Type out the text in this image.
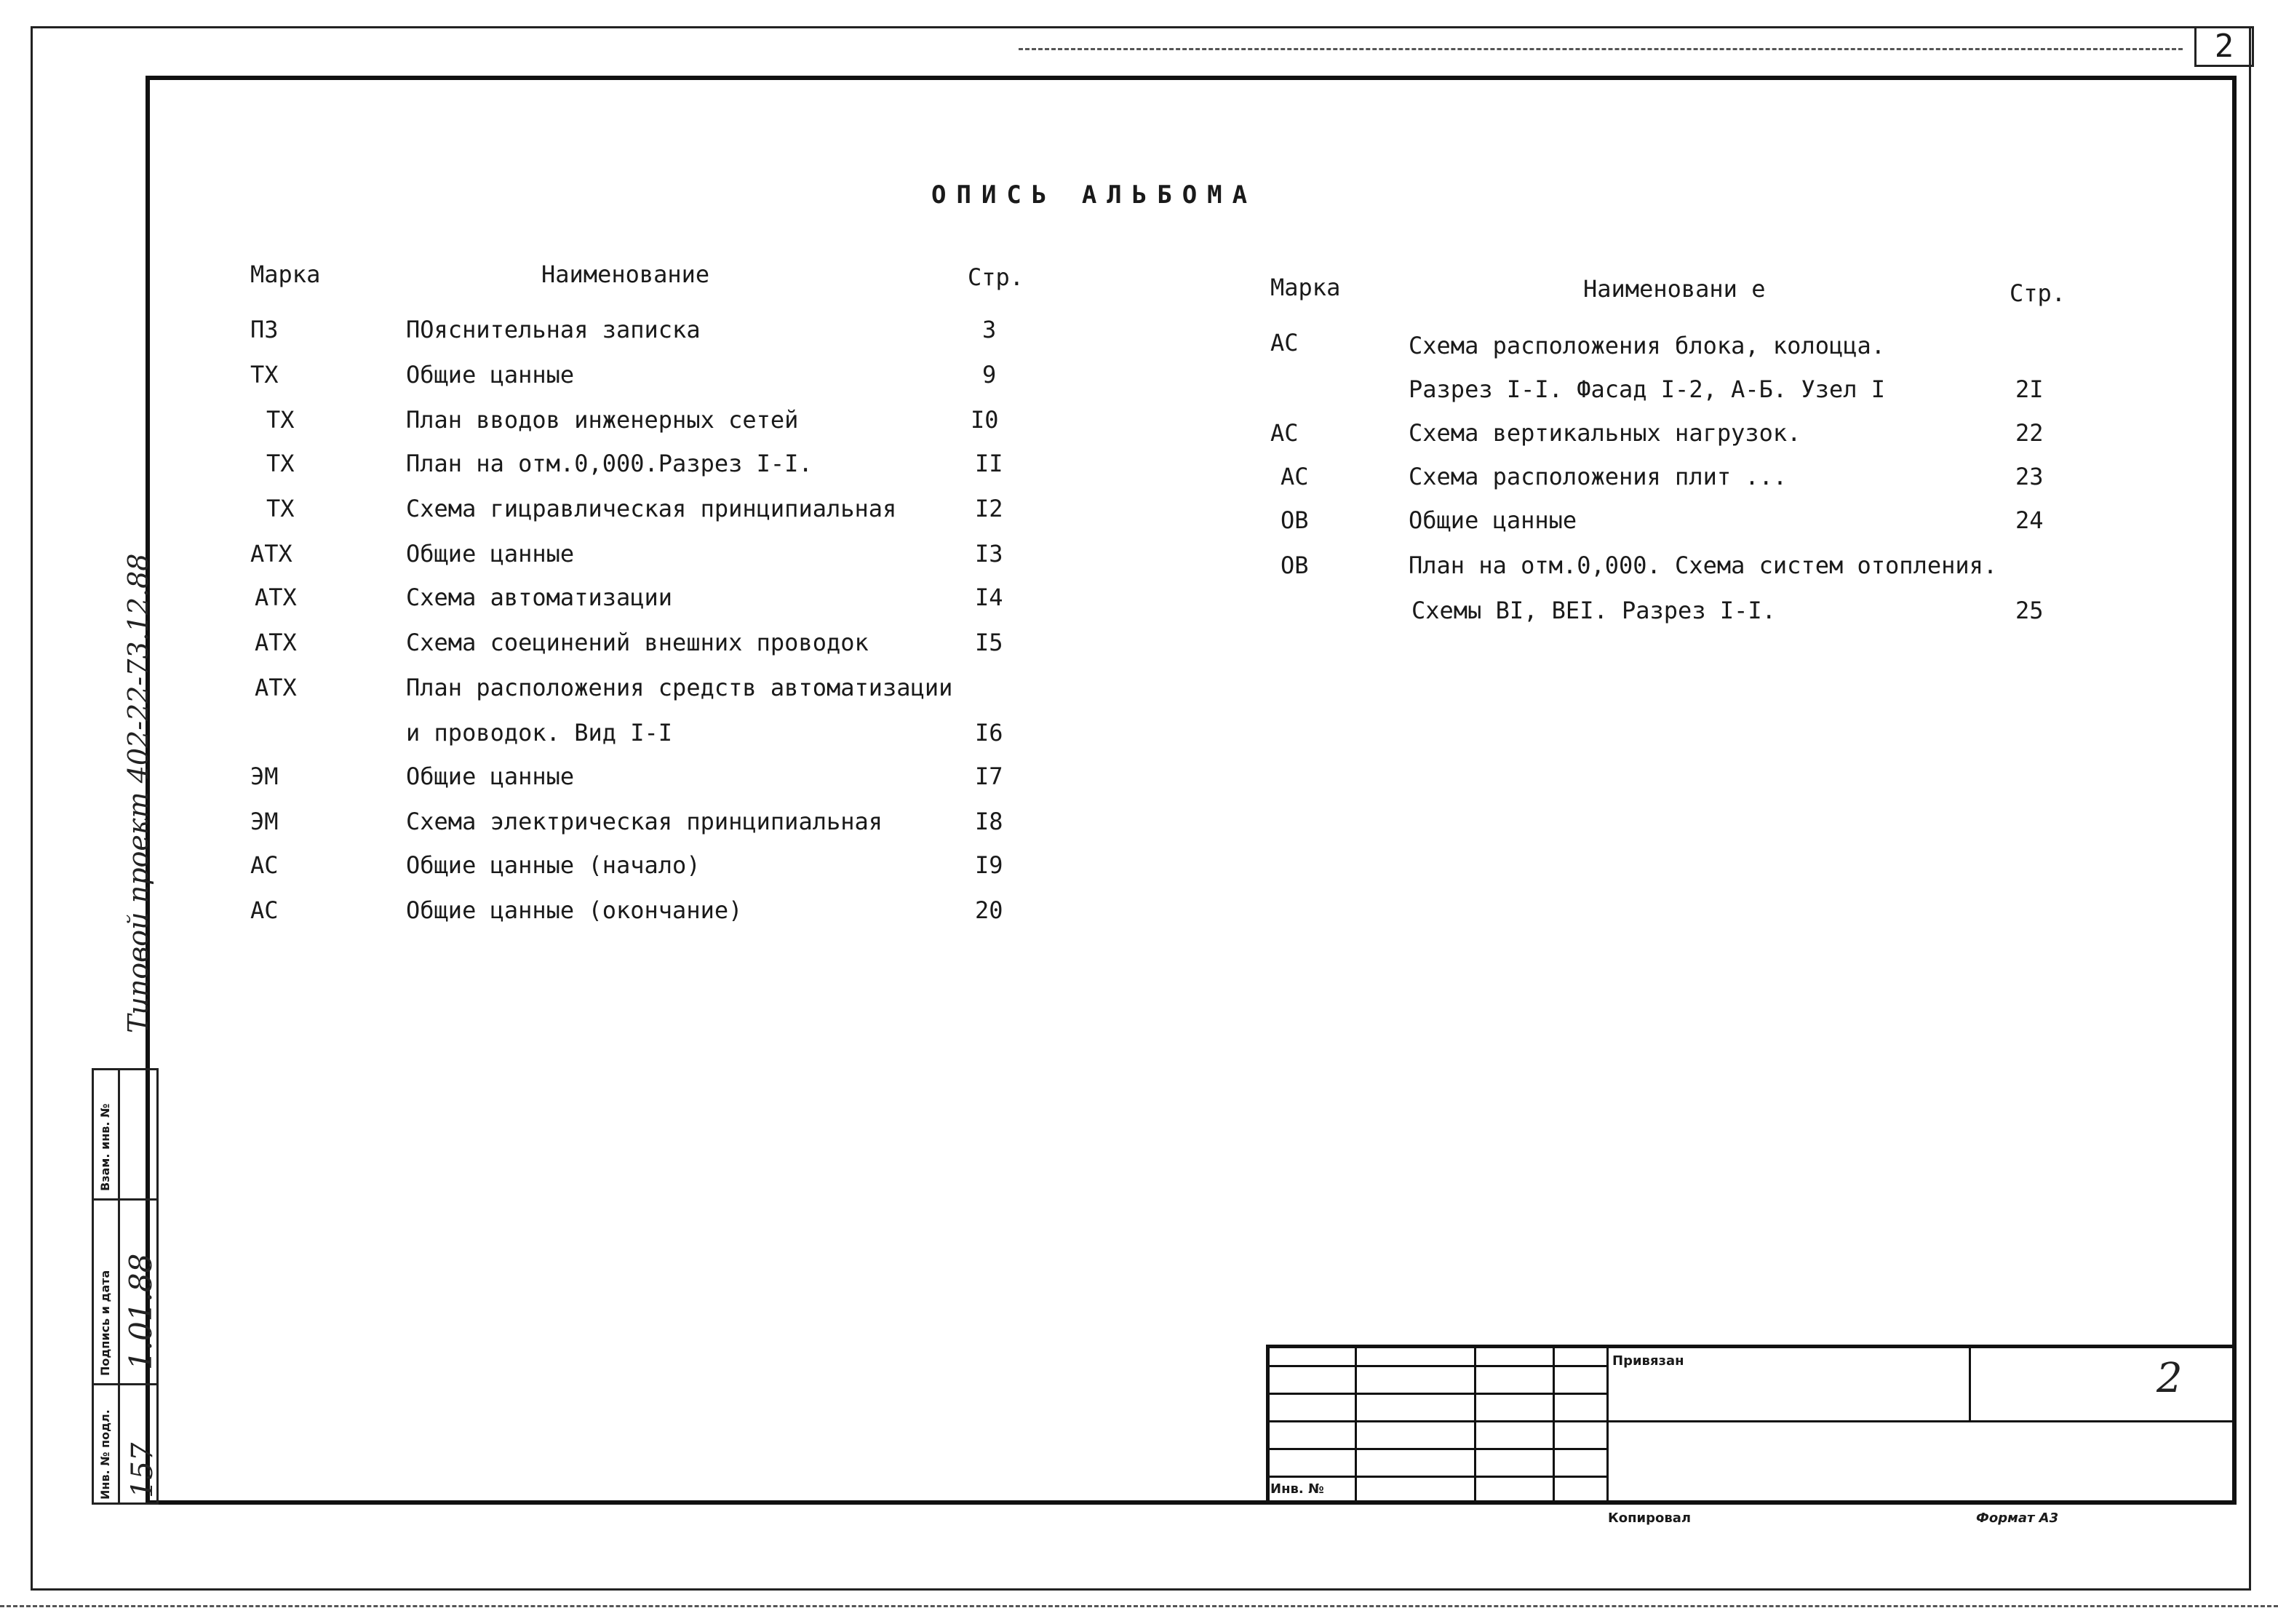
2
ОПИСЬ АЛЬБОМА
Марка	Наименование	Стр.	Марка	Наименовани е	Стр.
ПЗ	ПОяснительная записка	3
ТХ	Общие цанные	9
ТХ	План вводов инженерных сетей	I0
ТХ	План на отм.0,000.Разрез I-I.	II
ТХ	Схема гицравлическая принципиальная	I2
АТХ	Общие цанные	I3
АТХ	Схема автоматизации	I4
АТХ	Схема соецинений внешних проводок	I5
АТХ	План расположения средств автоматизации
и проводок. Вид I-I	I6
ЭМ	Общие цанные	I7
ЭМ	Схема электрическая принципиальная	I8
АС	Общие цанные (начало)	I9
АС	Общие цанные (окончание)	20
АС	Схема расположения блока, колоцца.
Разрез I-I. Фасад I-2, А-Б. Узел I	2I
АС	Схема вертикальных нагрузок.	22
АС	Схема расположения плит ...	23
ОВ	Общие цанные	24
ОВ	План на отм.0,000. Схема систем отопления.
Схемы ВI, ВЕI. Разрез I-I.	25
Типовой проект 402-22-73.12.88
Инв. № подл.
Подпись и дата
Взам. инв. №
157
1.01.88	Привязан
Инв. №
2
Копировал	Формат А3
